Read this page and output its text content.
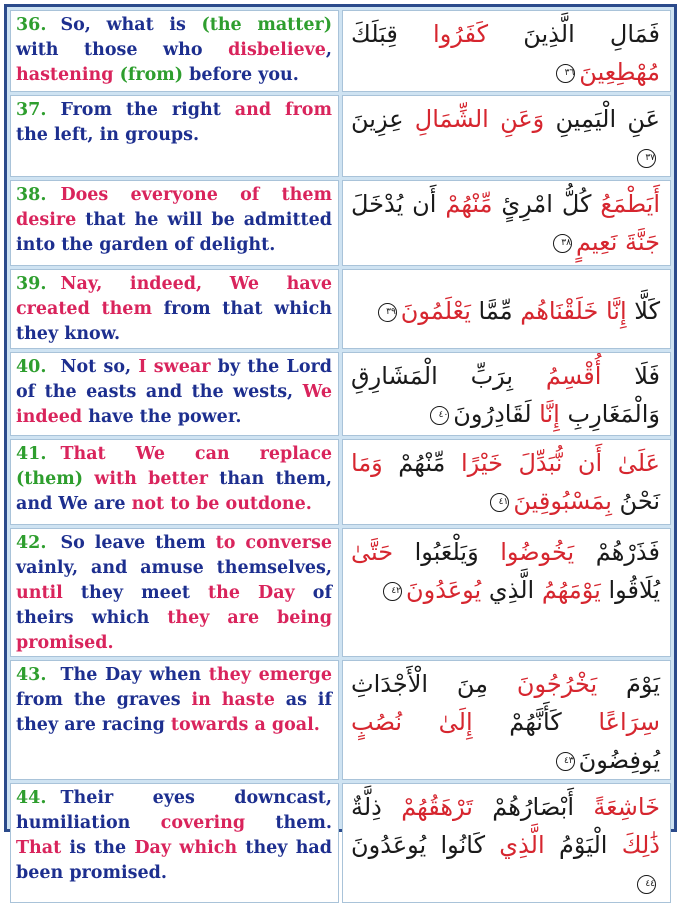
36. So, what is (the matter) with those who disbelieve, hastening (from) before you.	فَمَالِ الَّذِينَ كَفَرُوا قِبَلَكَ مُهْطِعِينَ٣٦
37. From the right and from the left, in groups.	عَنِ الْيَمِينِ وَعَنِ الشِّمَالِ عِزِينَ٣٧
38. Does everyone of them desire that he will be admitted into the garden of delight.	أَيَطْمَعُ كُلُّ امْرِئٍ مِّنْهُمْ أَن يُدْخَلَ جَنَّةَ نَعِيمٍ٣٨
39. Nay, indeed, We have created them from that which they know.	كَلَّا إِنَّا خَلَقْنَاهُم مِّمَّا يَعْلَمُونَ٣٩
40. Not so, I swear by the Lord of the easts and the wests, We indeed have the power.	فَلَا أُقْسِمُ بِرَبِّ الْمَشَارِقِ وَالْمَغَارِبِ إِنَّا لَقَادِرُونَ٤٠
41. That We can replace (them) with better than them, and We are not to be outdone.	عَلَىٰ أَن نُّبَدِّلَ خَيْرًا مِّنْهُمْ وَمَا نَحْنُ بِمَسْبُوقِينَ٤١
42. So leave them to converse vainly, and amuse themselves, until they meet the Day of theirs which they are being promised.	فَذَرْهُمْ يَخُوضُوا وَيَلْعَبُوا حَتَّىٰ يُلَاقُوا يَوْمَهُمُ الَّذِي يُوعَدُونَ٤٢
43. The Day when they emerge from the graves in haste as if they are racing towards a goal.	يَوْمَ يَخْرُجُونَ مِنَ الْأَجْدَاثِ سِرَاعًا كَأَنَّهُمْ إِلَىٰ نُصُبٍ يُوفِضُونَ٤٣
44. Their eyes downcast, humiliation covering them. That is the Day which they had been promised.	خَاشِعَةً أَبْصَارُهُمْ تَرْهَقُهُمْ ذِلَّةٌ ذَٰلِكَ الْيَوْمُ الَّذِي كَانُوا يُوعَدُونَ٤٤
